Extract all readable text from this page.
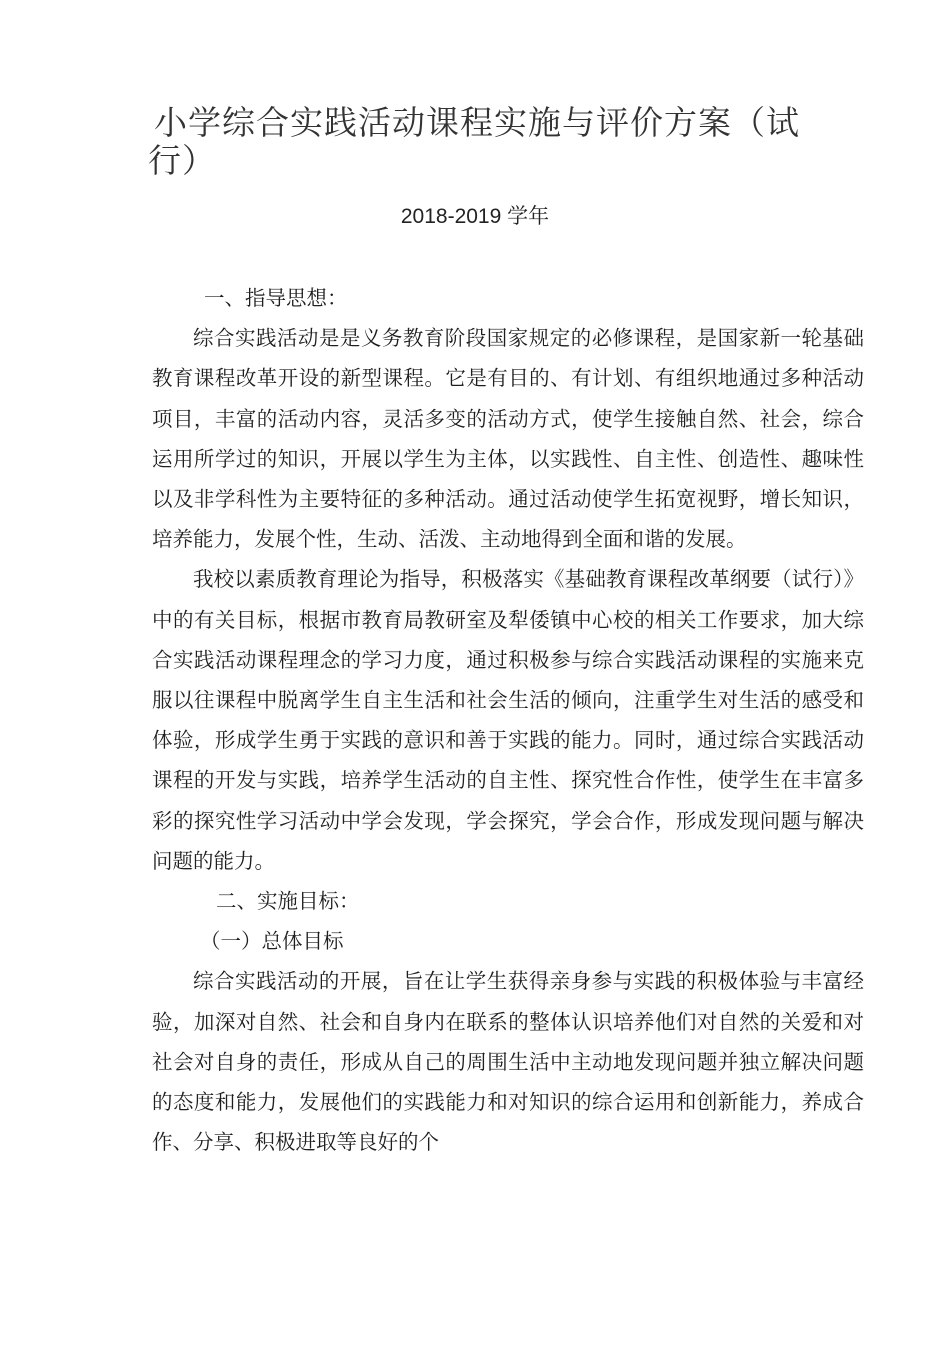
小学综合实践活动课程实施与评价方案（试
行）
2018-2019 学年
一、指导思想：

综合实践活动是是义务教育阶段国家规定的必修课程，是国家新一轮基础教育课程改革开设的新型课程。它是有目的、有计划、有组织地通过多种活动项目，丰富的活动内容，灵活多变的活动方式，使学生接触自然、社会，综合运用所学过的知识，开展以学生为主体，以实践性、自主性、创造性、趣味性以及非学科性为主要特征的多种活动。通过活动使学生拓宽视野，增长知识，培养能力，发展个性，生动、活泼、主动地得到全面和谐的发展。

我校以素质教育理论为指导，积极落实《基础教育课程改革纲要（试行）》中的有关目标，根据市教育局教研室及犁倭镇中心校的相关工作要求，加大综合实践活动课程理念的学习力度，通过积极参与综合实践活动课程的实施来克服以往课程中脱离学生自主生活和社会生活的倾向，注重学生对生活的感受和体验，形成学生勇于实践的意识和善于实践的能力。同时，通过综合实践活动课程的开发与实践，培养学生活动的自主性、探究性合作性，使学生在丰富多彩的探究性学习活动中学会发现，学会探究，学会合作，形成发现问题与解决问题的能力。

二、实施目标：
（一）总体目标

综合实践活动的开展，旨在让学生获得亲身参与实践的积极体验与丰富经验，加深对自然、社会和自身内在联系的整体认识培养他们对自然的关爱和对社会对自身的责任，形成从自己的周围生活中主动地发现问题并独立解决问题的态度和能力，发展他们的实践能力和对知识的综合运用和创新能力，养成合作、分享、积极进取等良好的个
